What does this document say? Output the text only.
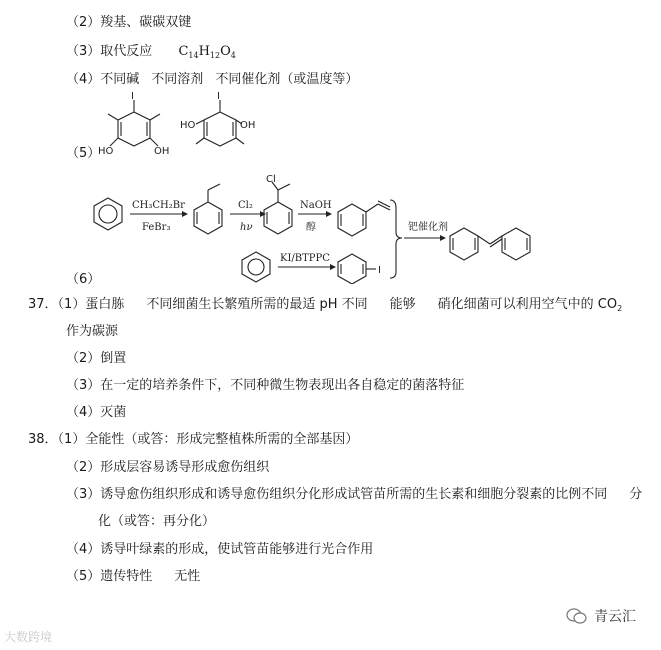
（2）羧基、碳碳双键
（3）取代反应 $C_{14}H_{12}O_4$
（4）不同碱 不同溶剂 不同催化剂（或温度等）
（5）
I
HO	OH
I
HO	OH
（6）
CH₃CH₂Br
FeBr₃
Cl₂
hν
Cl
NaOH
醇
KI/BTPPC
I
钯催化剂
37．（1）蛋白胨 不同细菌生长繁殖所需的最适 pH 不同 能够 硝化细菌可以利用空气中的 $CO_2$
作为碳源
（2）倒置
（3）在一定的培养条件下，不同种微生物表现出各自稳定的菌落特征
（4）灭菌
38．（1）全能性（或答：形成完整植株所需的全部基因）
（2）形成层容易诱导形成愈伤组织
（3）诱导愈伤组织形成和诱导愈伤组织分化形成试管苗所需的生长素和细胞分裂素的比例不同 分
化（或答：再分化）
（4）诱导叶绿素的形成，使试管苗能够进行光合作用
（5）遗传特性 无性
大数跨境
青云汇
